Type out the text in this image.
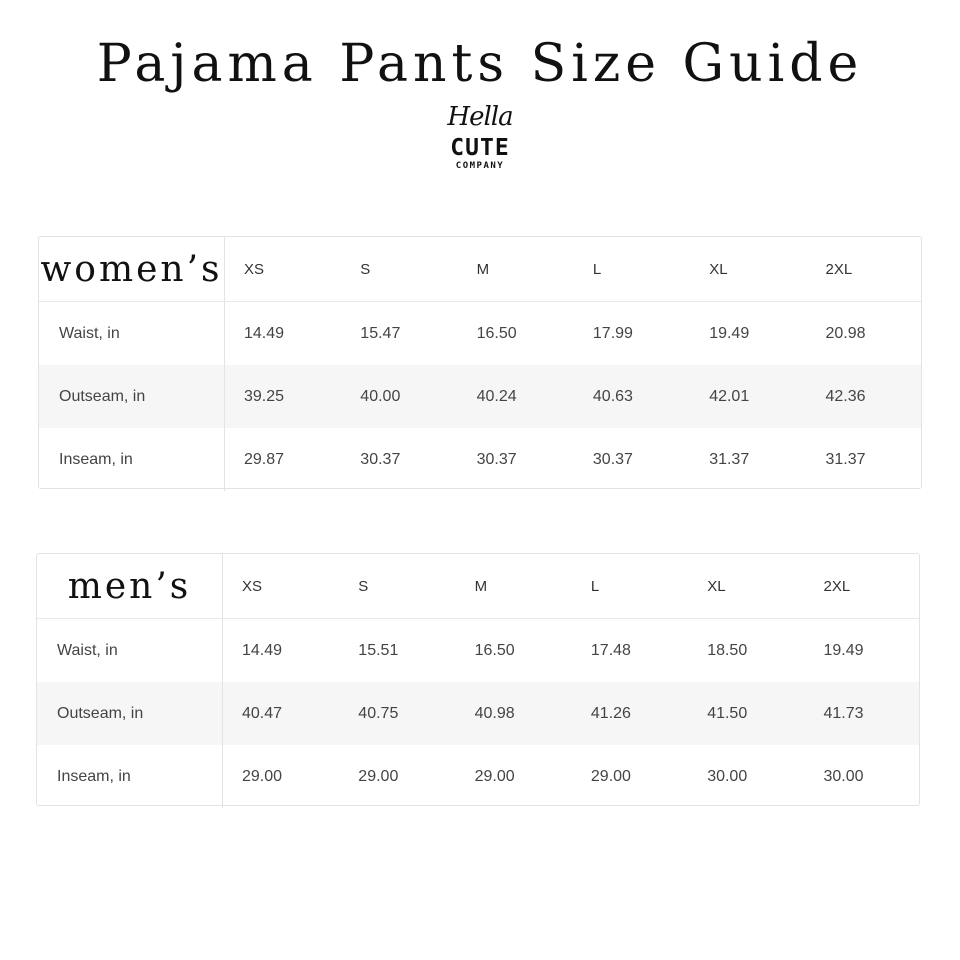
Pajama Pants Size Guide
Hella
CUTE
COMPANY
women’s	XS	S	M	L	XL	2XL
Waist, in	14.49	15.47	16.50	17.99	19.49	20.98
Outseam, in	39.25	40.00	40.24	40.63	42.01	42.36
Inseam, in	29.87	30.37	30.37	30.37	31.37	31.37
men’s	XS	S	M	L	XL	2XL
Waist, in	14.49	15.51	16.50	17.48	18.50	19.49
Outseam, in	40.47	40.75	40.98	41.26	41.50	41.73
Inseam, in	29.00	29.00	29.00	29.00	30.00	30.00
